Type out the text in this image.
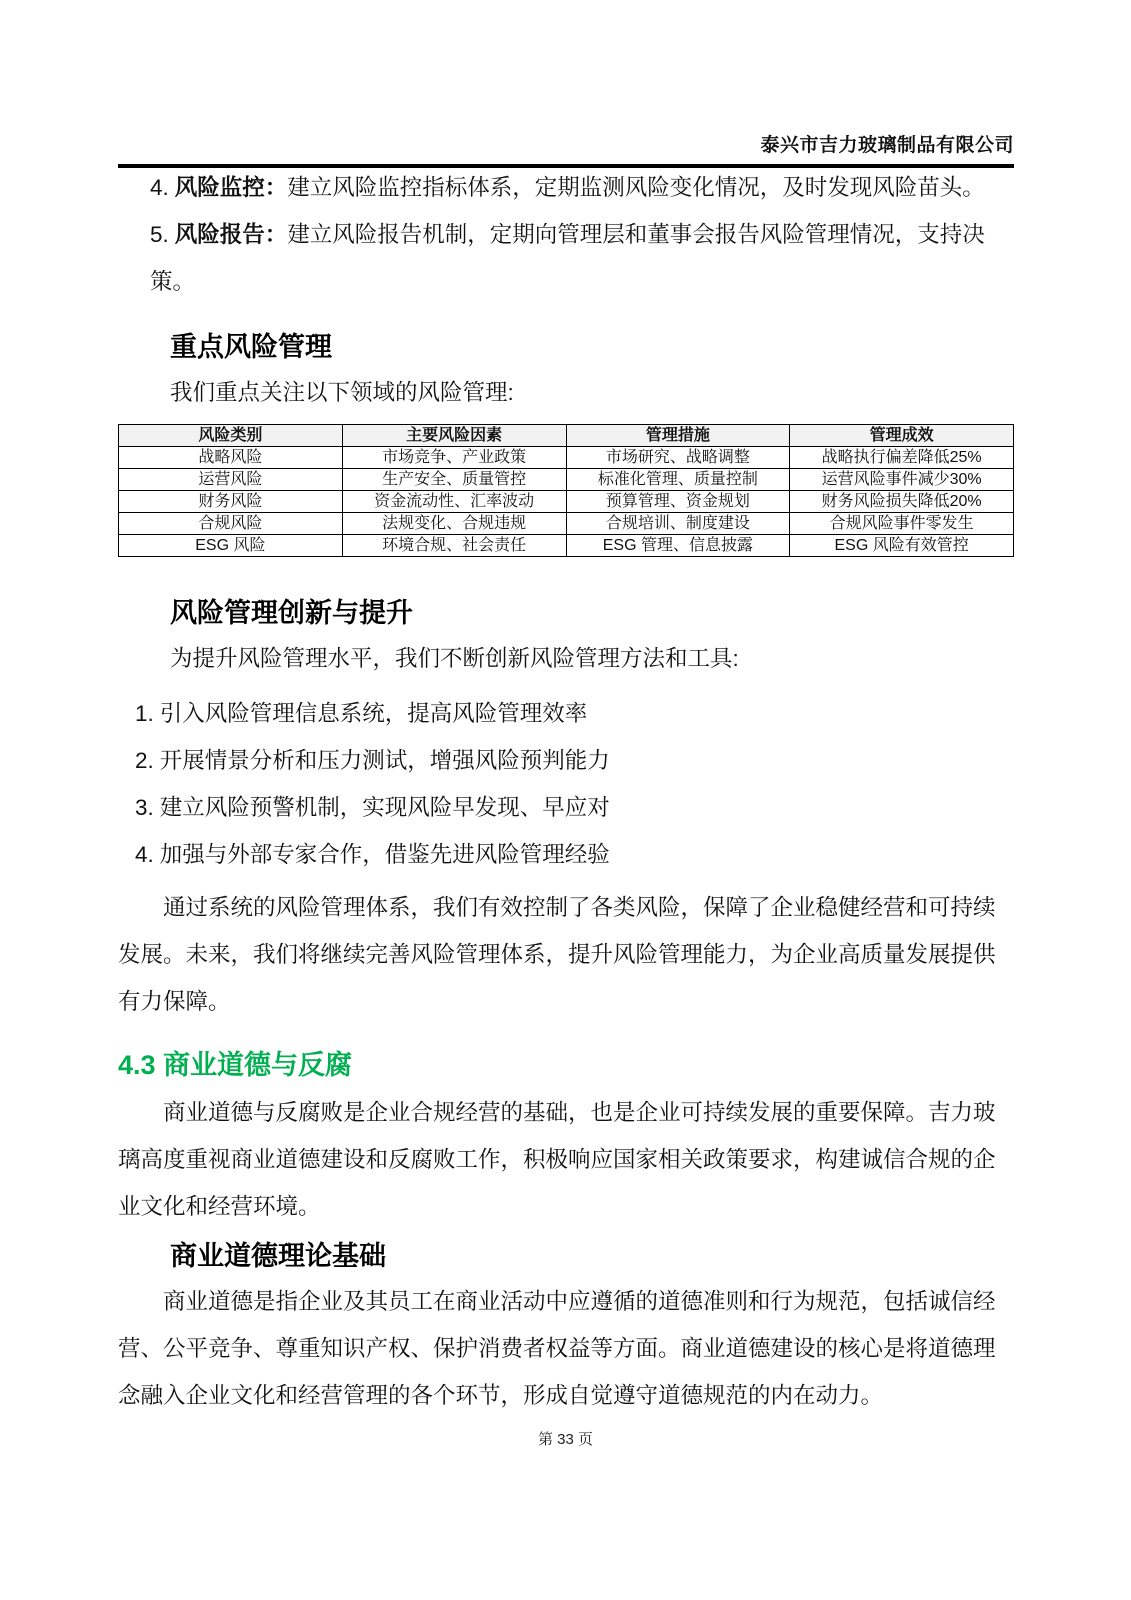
泰兴市吉力玻璃制品有限公司
4. 风险监控：建立风险监控指标体系，定期监测风险变化情况，及时发现风险苗头。
5. 风险报告：建立风险报告机制，定期向管理层和董事会报告风险管理情况，支持决策。
重点风险管理

我们重点关注以下领域的风险管理:

风险类别	主要风险因素	管理措施	管理成效
战略风险	市场竞争、产业政策	市场研究、战略调整	战略执行偏差降低25%
运营风险	生产安全、质量管控	标准化管理、质量控制	运营风险事件减少30%
财务风险	资金流动性、汇率波动	预算管理、资金规划	财务风险损失降低20%
合规风险	法规变化、合规违规	合规培训、制度建设	合规风险事件零发生
ESG 风险	环境合规、社会责任	ESG 管理、信息披露	ESG 风险有效管控
风险管理创新与提升

为提升风险管理水平，我们不断创新风险管理方法和工具:

1. 引入风险管理信息系统，提高风险管理效率
2. 开展情景分析和压力测试，增强风险预判能力
3. 建立风险预警机制，实现风险早发现、早应对
4. 加强与外部专家合作，借鉴先进风险管理经验

通过系统的风险管理体系，我们有效控制了各类风险，保障了企业稳健经营和可持续发展。未来，我们将继续完善风险管理体系，提升风险管理能力，为企业高质量发展提供有力保障。

4.3 商业道德与反腐

商业道德与反腐败是企业合规经营的基础，也是企业可持续发展的重要保障。吉力玻璃高度重视商业道德建设和反腐败工作，积极响应国家相关政策要求，构建诚信合规的企业文化和经营环境。

商业道德理论基础

商业道德是指企业及其员工在商业活动中应遵循的道德准则和行为规范，包括诚信经营、公平竞争、尊重知识产权、保护消费者权益等方面。商业道德建设的核心是将道德理念融入企业文化和经营管理的各个环节，形成自觉遵守道德规范的内在动力。

第 33 页
